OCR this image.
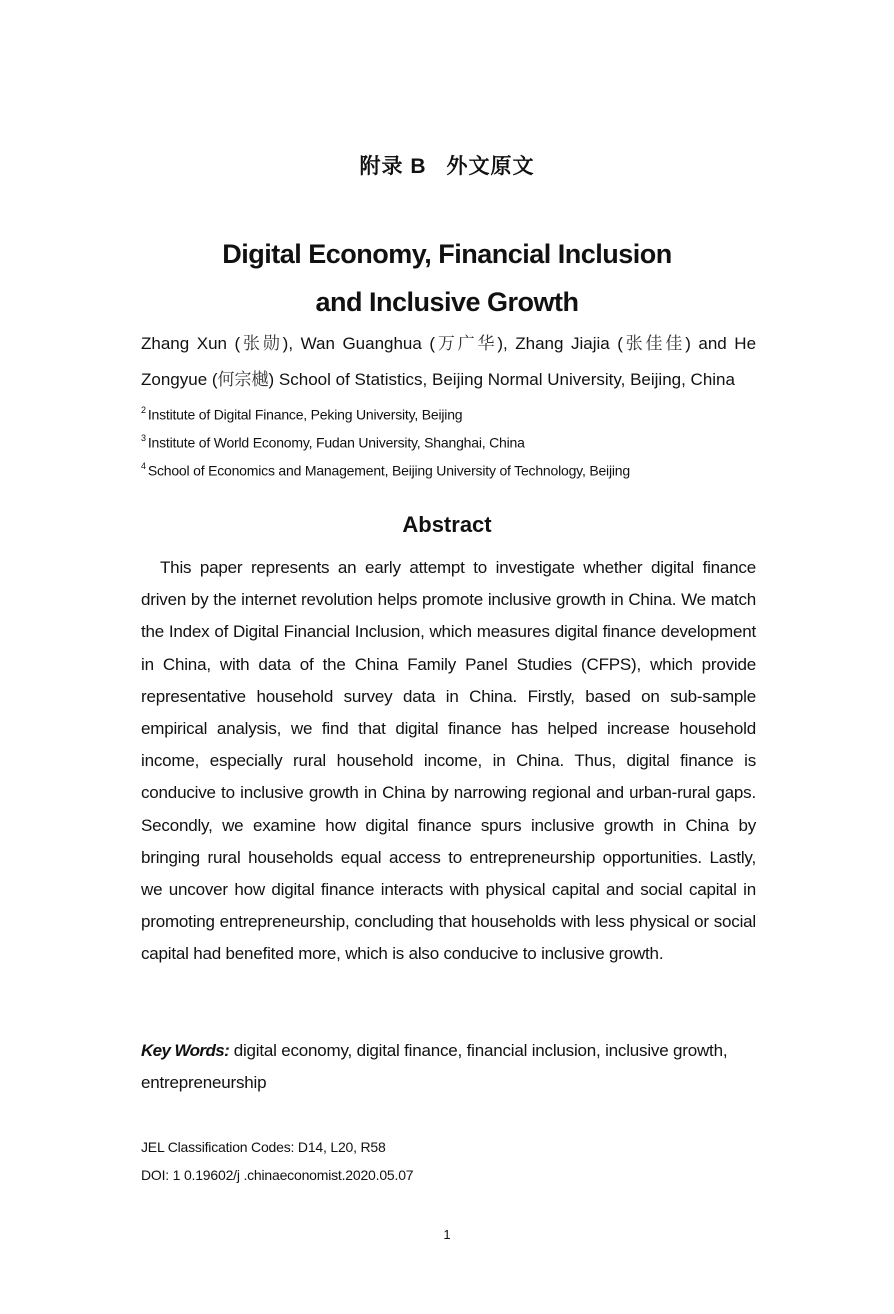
附录 B 外文原文
Digital Economy, Financial Inclusion
and Inclusive Growth
Zhang Xun (张勋), Wan Guanghua (万广华), Zhang Jiajia (张佳佳) and He Zongyue (何宗樾) School of Statistics, Beijing Normal University, Beijing, China
$^2$ Institute of Digital Finance, Peking University, Beijing
$^3$ Institute of World Economy, Fudan University, Shanghai, China
$^4$ School of Economics and Management, Beijing University of Technology, Beijing
Abstract

This paper represents an early attempt to investigate whether digital finance driven by the internet revolution helps promote inclusive growth in China. We match the Index of Digital Financial Inclusion, which measures digital finance development in China, with data of the China Family Panel Studies (CFPS), which provide representative household survey data in China. Firstly, based on sub-sample empirical analysis, we find that digital finance has helped increase household income, especially rural household income, in China. Thus, digital finance is conducive to inclusive growth in China by narrowing regional and urban-rural gaps. Secondly, we examine how digital finance spurs inclusive growth in China by bringing rural households equal access to entrepreneurship opportunities. Lastly, we uncover how digital finance interacts with physical capital and social capital in promoting entrepreneurship, concluding that households with less physical or social capital had benefited more, which is also conducive to inclusive growth.

Key Words: digital economy, digital finance, financial inclusion, inclusive growth, entrepreneurship
JEL Classification Codes: D14, L20, R58
DOI: 1 0.19602/j .chinaeconomist.2020.05.07
1
